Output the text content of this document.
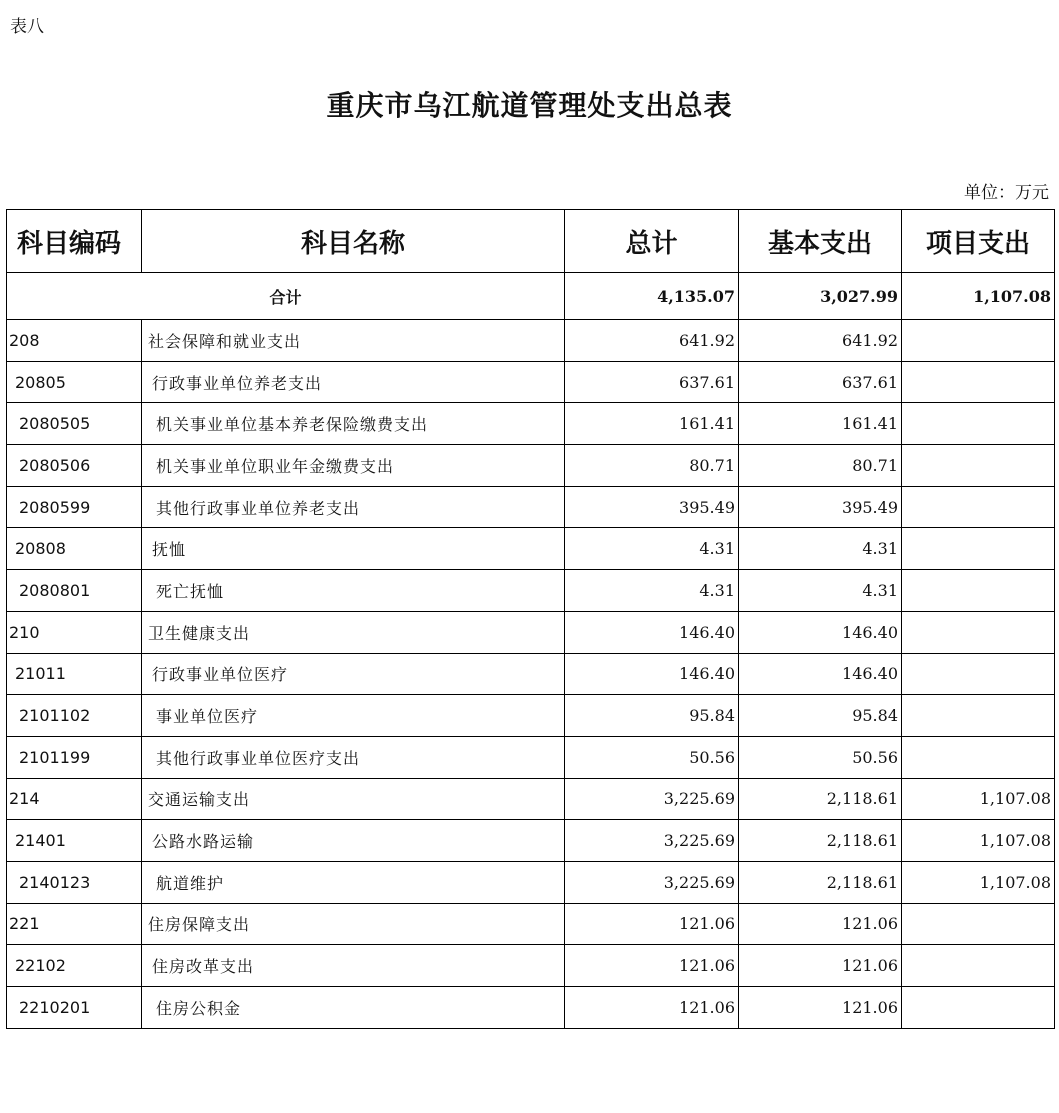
表八
重庆市乌江航道管理处支出总表
单位：万元
科目编码	科目名称	总计	基本支出	项目支出
合计		4,135.07	3,027.99	1,107.08
208	社会保障和就业支出	641.92	641.92	
20805	行政事业单位养老支出	637.61	637.61	
2080505	机关事业单位基本养老保险缴费支出	161.41	161.41	
2080506	机关事业单位职业年金缴费支出	80.71	80.71	
2080599	其他行政事业单位养老支出	395.49	395.49	
20808	抚恤	4.31	4.31	
2080801	死亡抚恤	4.31	4.31	
210	卫生健康支出	146.40	146.40	
21011	行政事业单位医疗	146.40	146.40	
2101102	事业单位医疗	95.84	95.84	
2101199	其他行政事业单位医疗支出	50.56	50.56	
214	交通运输支出	3,225.69	2,118.61	1,107.08
21401	公路水路运输	3,225.69	2,118.61	1,107.08
2140123	航道维护	3,225.69	2,118.61	1,107.08
221	住房保障支出	121.06	121.06	
22102	住房改革支出	121.06	121.06	
2210201	住房公积金	121.06	121.06	
